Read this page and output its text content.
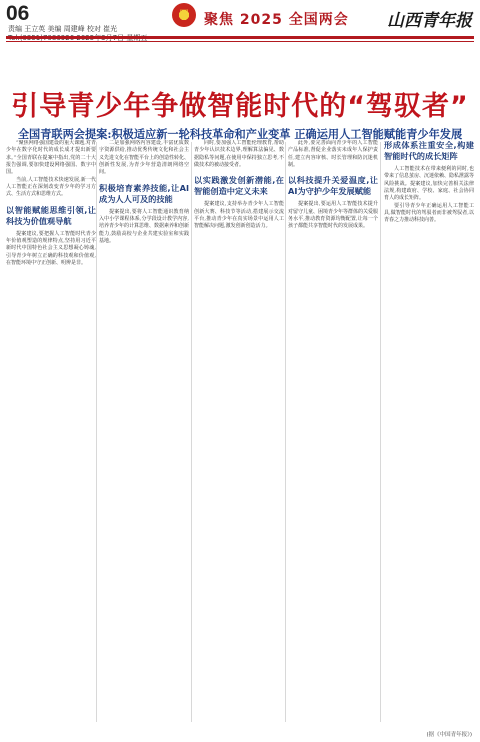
06
责编 王立英 美编 周建峰 校对 崔光
国	聚焦 2025 全国两会 山西青年报
引导青少年争做智能时代的“驾驭者”
全国青联两会提案:积极适应新一轮科技革命和产业变革 正确运用人工智能赋能青少年发展

“聚焦网络强国建设的重大课题,对青少年在数字化时代的成长成才提出新要求。”全国青联在提案中指出,党的二十大报告强调,要加快建设网络强国、数字中国。

当前,人工智能技术快速发展,新一代人工智能正在深刻改变青少年的学习方式、生活方式和思维方式。

以智能赋能思维引领,让科技为价值观导航

提案建议,要把握人工智能时代青少年价值观塑造的规律特点,坚持用习近平新时代中国特色社会主义思想凝心铸魂,引导青少年树立正确的科技观和价值观,在智能环境中守正创新、明辨是非。

二是加强网络内容建设,丰富优质数字资源供给,推动优秀传统文化和社会主义先进文化在智能平台上的创造性转化、创新性发展,为青少年营造清朗网络空间。

积极培育素养技能,让AI成为人人可及的技能

提案提出,要将人工智能通识教育纳入中小学课程体系,分学段设计教学内容,培养青少年的计算思维、数据素养和创新能力,鼓励高校与企业共建实验室和实践基地。

同时,要加强人工智能伦理教育,帮助青少年认识技术边界,理解算法偏见、数据隐私等问题,在使用中保持独立思考,不做技术的被动接受者。

以实践激发创新潜能,在智能创造中定义未来

提案建议,支持举办青少年人工智能创新大赛、科技节等活动,搭建展示交流平台,推动青少年在真实场景中运用人工智能解决问题,激发创新创造活力。

此外,要完善面向青少年的人工智能产品标准,督促企业落实未成年人保护责任,建立内容审核、时长管理和防沉迷机制。

以科技提升关爱温度,让AI为守护少年发展赋能

提案提出,要运用人工智能技术提升对留守儿童、困境青少年等群体的关爱服务水平,推动教育资源均衡配置,让每一个孩子都能共享智能时代的发展成果。

形成体系注重安全,构建智能时代的成长矩阵

人工智能技术在带来便利的同时,也带来了信息茧房、沉迷依赖、隐私泄露等风险挑战。提案建议,加快完善相关法律法规,构建政府、学校、家庭、社会协同育人的成长矩阵。

要引导青少年正确运用人工智能工具,做智能时代的驾驭者而非被驾驭者,以青春之力推动科技向善。

(据《中国青年报》)
